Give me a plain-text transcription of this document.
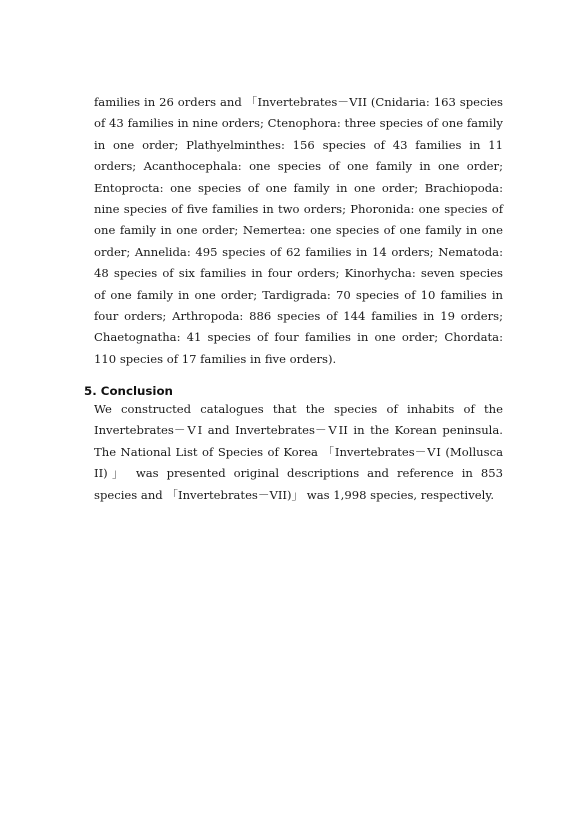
families in 26 orders and 「Invertebrates－ⅤII (Cnidaria: 163 species of 43 families in nine orders; Ctenophora: three species of one family in one order; Plathyelminthes: 156 species of 43 families in 11 orders; Acanthocephala: one species of one family in one order; Entoproctа: one species of one family in one order; Brachiopoda: nine species of five families in two orders; Phoronida: one species of one family in one order; Nemertea: one species of one family in one order; Annelida: 495 species of 62 families in 14 orders; Nematoda: 48 species of six families in four orders; Kinorhycha: seven species of one family in one order; Tardigrada: 70 species of 10 families in four orders; Arthropoda: 886 species of 144 families in 19 orders; Chaetognatha: 41 species of four families in one order; Chordata: 110 species of 17 families in five orders).

5. Conclusion

We constructed catalogues that the species of inhabits of the Invertebrates－ⅤI and Invertebrates－ⅤII in the Korean peninsula. The National List of Species of Korea 「Invertebrates－ⅤI (Mollusca II)」 was presented original descriptions and reference in 853 species and 「Invertebrates－ⅤII)」 was 1,998 species, respectively.
